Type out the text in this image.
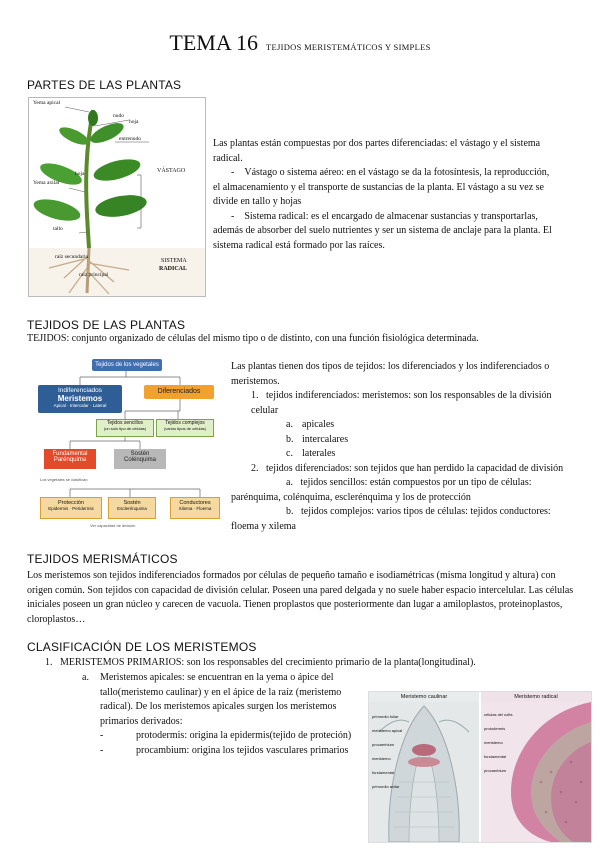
TEMA 16 TEJIDOS MERISTEMÁTICOS Y SIMPLES
PARTES DE LAS PLANTAS
Yema apical
nudo
hoja
entrenudo
Yema axilar
hoja
tallo
VÁSTAGO
raíz secundaria
raíz principal
SISTEMA
RADICAL

Las plantas están compuestas por dos partes diferenciadas: el vástago y el sistema radical.

- Vástago o sistema aéreo: en el vástago se da la fotosíntesis, la reproducción, el almacenamiento y el transporte de sustancias de la planta. El vástago a su vez se divide en tallo y hojas

- Sistema radical: es el encargado de almacenar sustancias y transportarlas, además de absorber del suelo nutrientes y ser un sistema de anclaje para la planta. El sistema radical está formado por las raíces.

TEJIDOS DE LAS PLANTAS

TEJIDOS: conjunto organizado de células del mismo tipo o de distinto, con una función fisiológica determinada.

Tejidos de los vegetales
Indiferenciados
Meristemos
Apical · Intercalar · Lateral
Diferenciados
Tejidos sencillos
(un solo tipo de células)
Tejidos complejos
(varios tipos de células)
Fundamental
Parénquima
Sostén
Colénquima
Los vegetales se clasifican
Protección
Epidermis · Peridermis
Sostén
Esclerénquima
Conductores
Xilema · Floema
Ver capacidad de división

Las plantas tienen dos tipos de tejidos: los diferenciados y los indiferenciados o meristemos.

1. tejidos indiferenciados: meristemos: son los responsables de la división celular

a. apicales

b. intercalares

c. laterales

2. tejidos diferenciados: son tejidos que han perdido la capacidad de división

a. tejidos sencillos: están compuestos por un tipo de células: parénquima, colénquima, esclerénquima y los de protección

b. tejidos complejos: varios tipos de células: tejidos conductores: floema y xilema

TEJIDOS MERISMÁTICOS

Los meristemos son tejidos indiferenciados formados por células de pequeño tamaño e isodiamétricas (misma longitud y altura) con origen común. Son tejidos con capacidad de división celular. Poseen una pared delgada y no suele haber espacio intercelular. Las células iniciales poseen un gran núcleo y carecen de vacuola. Tienen proplastos que posteriormente dan lugar a amiloplastos, proteinoplastos, cloroplastos…

CLASIFICACIÓN DE LOS MERISTEMOS

1. MERISTEMOS PRIMARIOS: son los responsables del crecimiento primario de la planta(longitudinal).

a. Meristemos apicales: se encuentran en la yema o ápice del tallo(meristemo caulinar) y en el ápice de la raíz (meristemo radical). De los meristemos apicales surgen los meristemos primarios derivados:

-	protodermis: origina la epidermis(tejido de proteción)

-	procambium: origina los tejidos vasculares primarios

Meristemo caulinar
primordio foliar
meristemo apical
procambium
meristemo fundamental
primordio axilar
Meristemo radical
células del cofia
protodermis
meristemo fundamental
procambium
